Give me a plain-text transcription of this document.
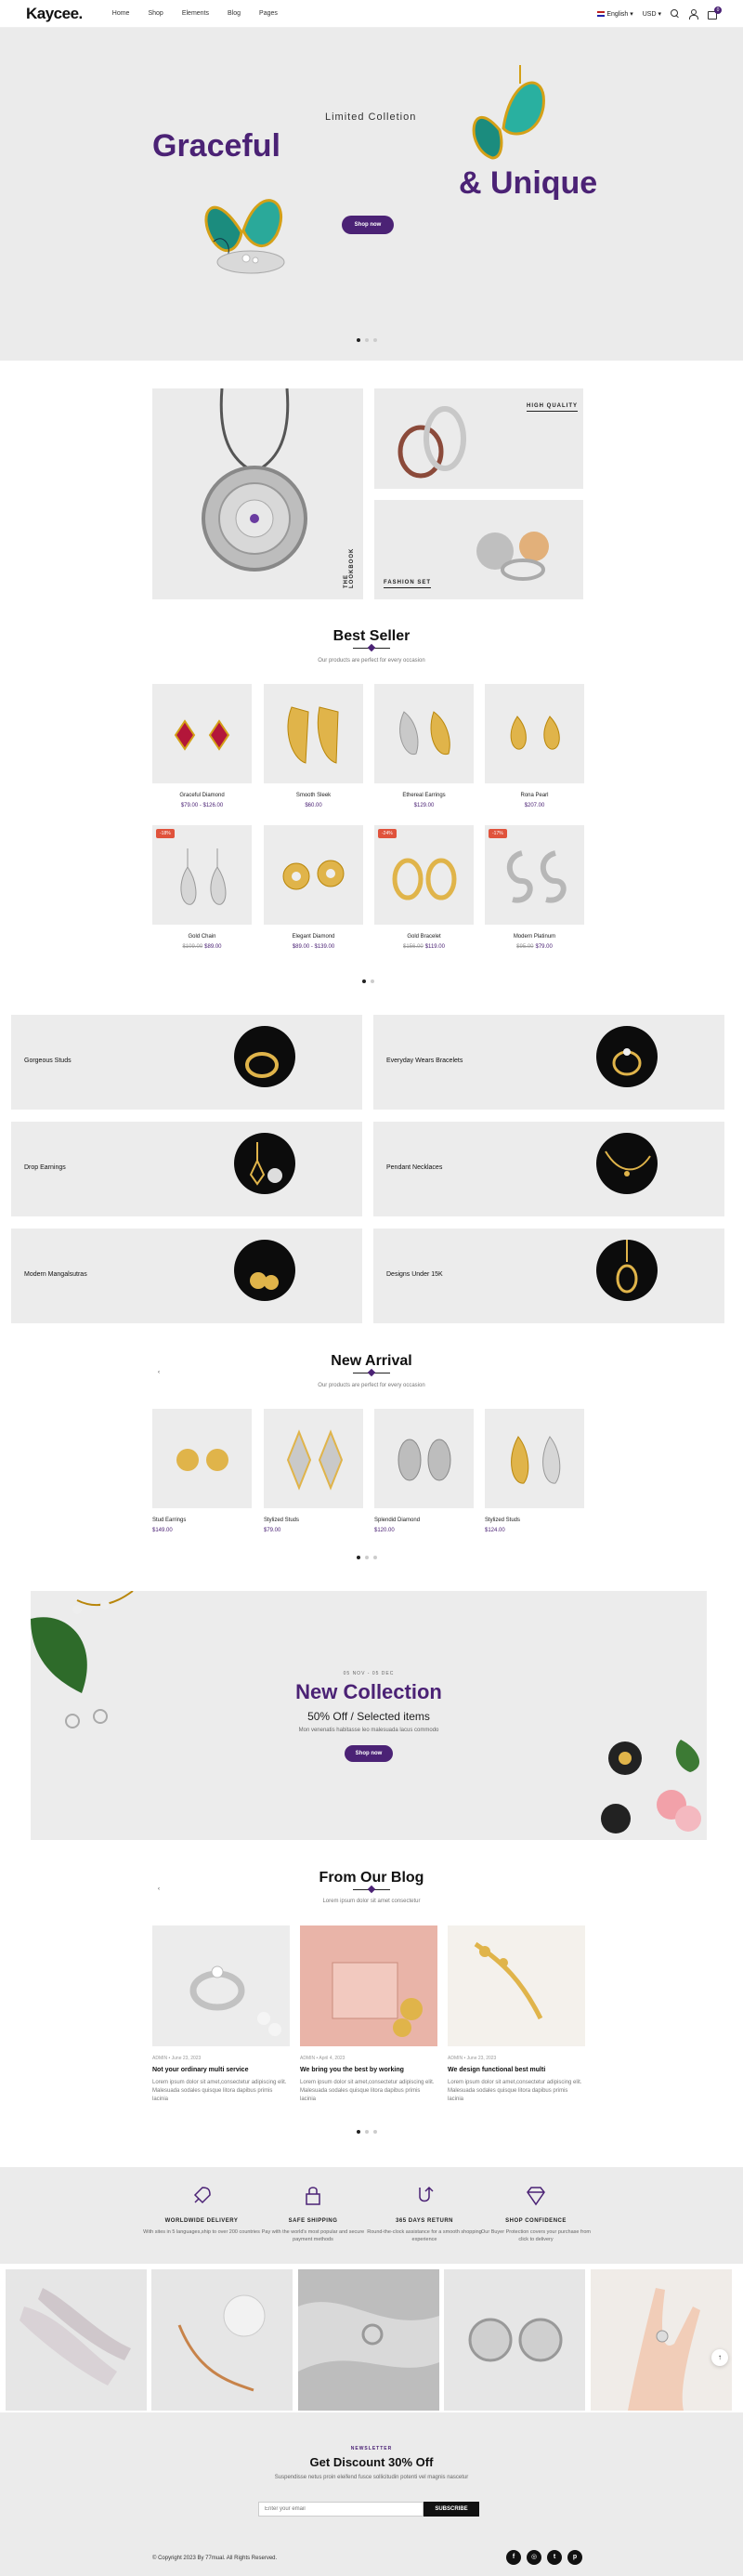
Kaycee.	Home	Shop	Elements	Blog	Pages	English ▾ USD ▾
0
Graceful
Limited Colletion
& Unique
Shop now
THE LOOKBOOK
HIGH QUALITY
FASHION SET
Best Seller
Our products are perfect for every occasion
Graceful Diamond
$79.00 - $126.00
Smooth Sleek
$60.00
Ethereal Earrings
$129.00
Rona Pearl
$207.00
-18%
Gold Chain
$109.00 $89.00
Elegant Diamond
$89.00 - $139.00
-24%
Gold Bracelet
$156.00 $119.00
-17%
Modern Platinum
$95.00 $79.00
Gorgeous Studs	Everyday Wears Bracelets
Drop Earnings	Pendant Necklaces
Modern Mangalsutras	Designs Under 15K
‹
New Arrival
Our products are perfect for every occasion
Stud Earrings
$149.00
Stylized Studs
$79.00
Splendid Diamond
$120.00
Stylized Studs
$124.00
05 NOV - 05 DEC
New Collection
50% Off / Selected items
Mon venenatis habitasse leo malesuada lacus commodo
Shop now
‹
From Our Blog
Lorem ipsum dolor sit amet consectetur
ADMIN • June 23, 2023
Not your ordinary multi service
Lorem ipsum dolor sit amet,consectetur adipiscing elit. Malesuada sodales quisque litora dapibus primis lacinia
ADMIN • April 4, 2023
We bring you the best by working
Lorem ipsum dolor sit amet,consectetur adipiscing elit. Malesuada sodales quisque litora dapibus primis lacinia
ADMIN • June 23, 2023
We design functional best multi
Lorem ipsum dolor sit amet,consectetur adipiscing elit. Malesuada sodales quisque litora dapibus primis lacinia
WORLDWIDE DELIVERY
With sites in 5 languages,ship to over 200 countries
SAFE SHIPPING
Pay with the world's most popular and secure payment methods
365 DAYS RETURN
Round-the-clock assistance for a smooth shopping experience
SHOP CONFIDENCE
Our Buyer Protection covers your purchase from click to delivery
↑
NEWSLETTER
Get Discount 30% Off
Suspendisse netus proin eleifend fusce sollicitudin potenti vel magnis nascetur
Enter your email
SUBSCRIBE
© Copyright 2023 By 77mual. All Rights Reserved.	f	◎	t	p
